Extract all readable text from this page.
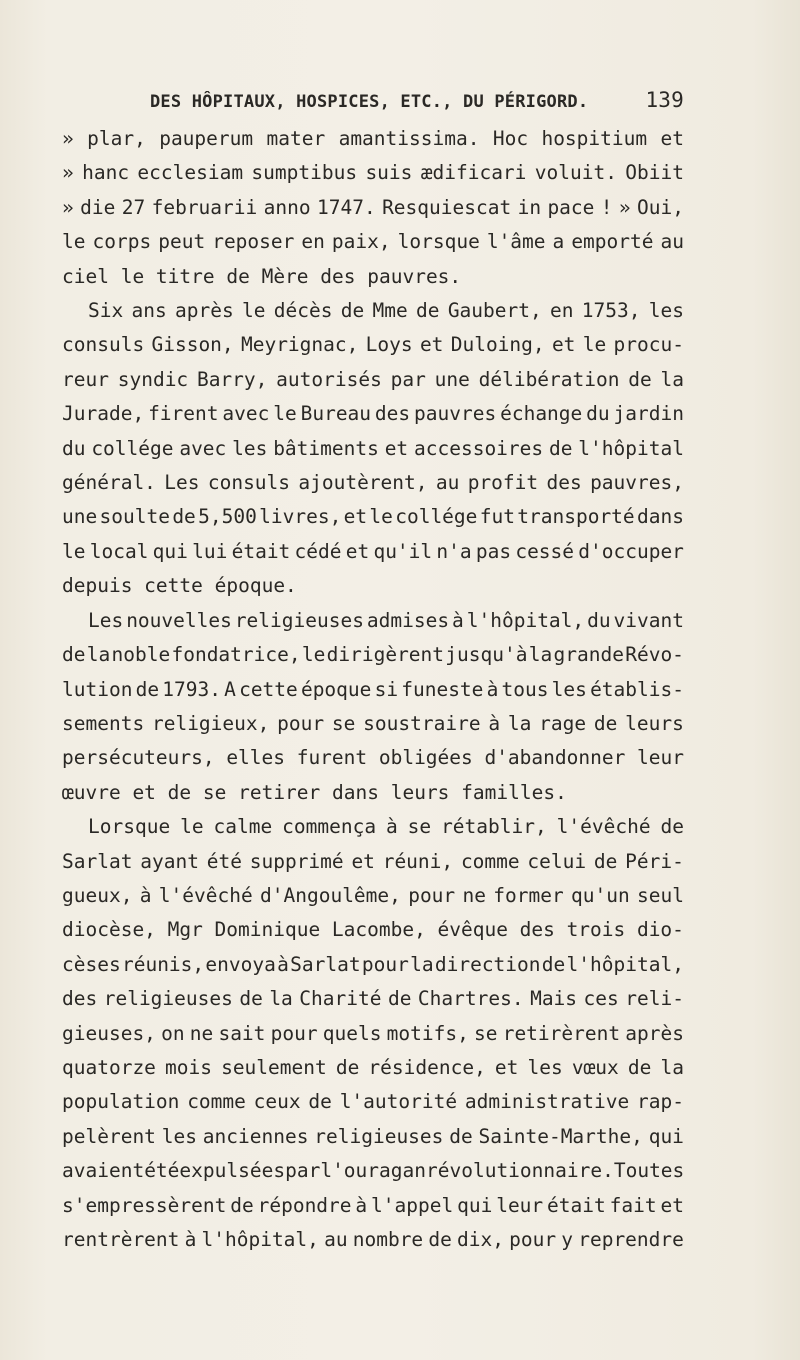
DES HÔPITAUX, HOSPICES, ETC., DU PÉRIGORD.	139
» plar, pauperum mater amantissima. Hoc hospitium et
» hanc ecclesiam sumptibus suis ædificari voluit. Obiit
» die 27 februarii anno 1747. Resquiescat in pace ! » Oui,
le corps peut reposer en paix, lorsque l'âme a emporté au
ciel le titre de Mère des pauvres.
Six ans après le décès de Mme de Gaubert, en 1753, les
consuls Gisson, Meyrignac, Loys et Duloing, et le procu-
reur syndic Barry, autorisés par une délibération de la
Jurade, firent avec le Bureau des pauvres échange du jardin
du collége avec les bâtiments et accessoires de l'hôpital
général. Les consuls ajoutèrent, au profit des pauvres,
une soulte de 5,500 livres, et le collége fut transporté dans
le local qui lui était cédé et qu'il n'a pas cessé d'occuper
depuis cette époque.
Les nouvelles religieuses admises à l'hôpital, du vivant
de la noble fondatrice, le dirigèrent jusqu'à la grande Révo-
lution de 1793. A cette époque si funeste à tous les établis-
sements religieux, pour se soustraire à la rage de leurs
persécuteurs, elles furent obligées d'abandonner leur
œuvre et de se retirer dans leurs familles.
Lorsque le calme commença à se rétablir, l'évêché de
Sarlat ayant été supprimé et réuni, comme celui de Péri-
gueux, à l'évêché d'Angoulême, pour ne former qu'un seul
diocèse, Mgr Dominique Lacombe, évêque des trois dio-
cèses réunis, envoya à Sarlat pour la direction de l'hôpital,
des religieuses de la Charité de Chartres. Mais ces reli-
gieuses, on ne sait pour quels motifs, se retirèrent après
quatorze mois seulement de résidence, et les vœux de la
population comme ceux de l'autorité administrative rap-
pelèrent les anciennes religieuses de Sainte-Marthe, qui
avaient été expulsées par l'ouragan révolutionnaire. Toutes
s'empressèrent de répondre à l'appel qui leur était fait et
rentrèrent à l'hôpital, au nombre de dix, pour y reprendre
